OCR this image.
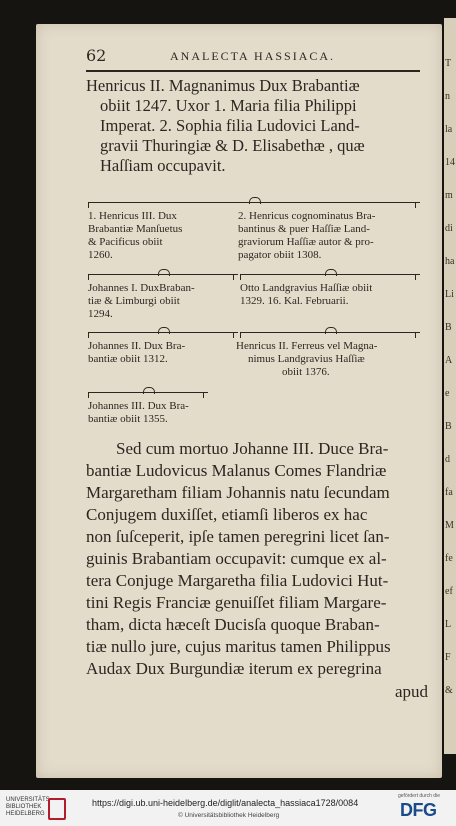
T
n
la
14
m
di
ha
Li
B
A
e
B
d
fa
M
fe
ef
L
F
&
62	ANALECTA HASSIACA.
Henricus II. Magnanimus Dux Brabantiæ
obiit 1247. Uxor 1. Maria filia Philippi
Imperat. 2. Sophia filia Ludovici Land-
gravii Thuringiæ & D. Elisabethæ , quæ
Haſſiam occupavit.
1. Henricus III. Dux
Brabantiæ Manſuetus
& Pacificus obiit
1260.
2. Henricus cognominatus Bra-
bantinus & puer Haſſiæ Land-
graviorum Haſſiæ autor & pro-
pagator obiit 1308.
Johannes I. DuxBraban-
tiæ & Limburgi obiit
1294.
Otto Landgravius Haſſiæ obiit
1329. 16. Kal. Februarii.
Johannes II. Dux Bra-
bantiæ obiit 1312.
Henricus II. Ferreus vel Magna-
nimus Landgravius Haſſiæ
obiit 1376.
Johannes III. Dux Bra-
bantiæ obiit 1355.
Sed cum mortuo Johanne III. Duce Bra-
bantiæ Ludovicus Malanus Comes Flandriæ
Margaretham filiam Johannis natu ſecundam
Conjugem duxiſſet, etiamſi liberos ex hac
non ſuſceperit, ipſe tamen peregrini licet ſan-
guinis Brabantiam occupavit: cumque ex al-
tera Conjuge Margaretha filia Ludovici Hut-
tini Regis Franciæ genuiſſet filiam Margare-
tham, dicta hæceſt Ducisſa quoque Braban-
tiæ nullo jure, cujus maritus tamen Philippus
Audax Dux Burgundiæ iterum ex peregrina
apud
UNIVERSITÄTS-
BIBLIOTHEK
HEIDELBERG
https://digi.ub.uni-heidelberg.de/diglit/analecta_hassiaca1728/0084
© Universitätsbibliothek Heidelberg
gefördert durch die
DFG
